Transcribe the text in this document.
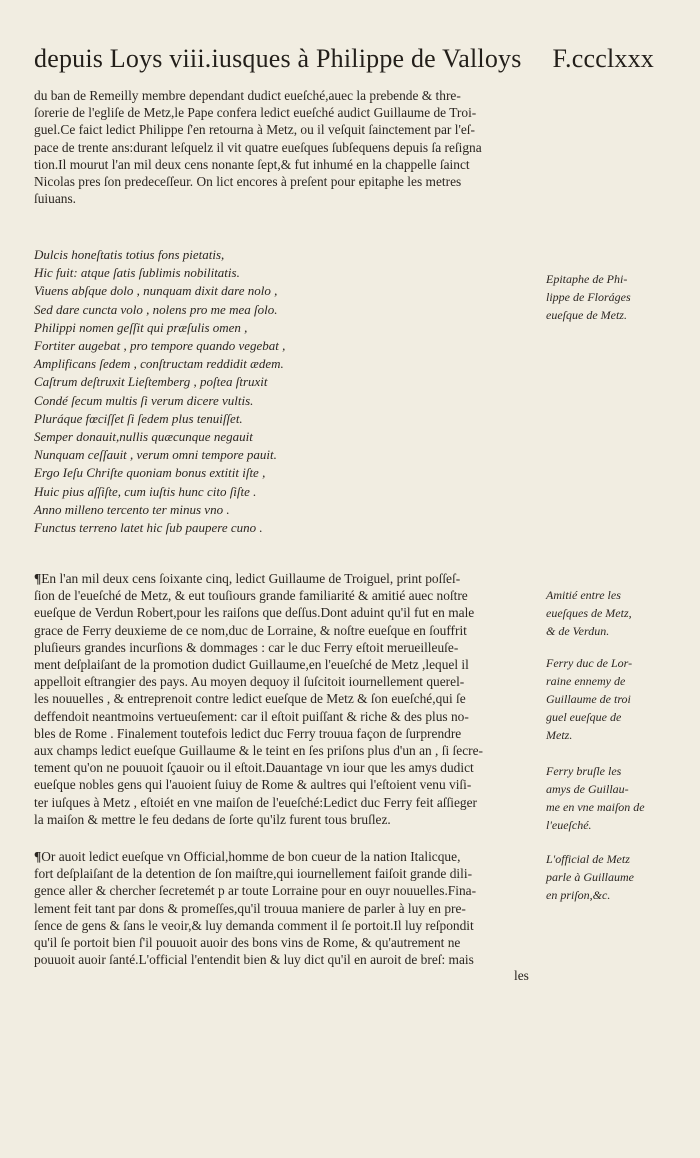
depuis Loys viii.iusques à Philippe de Valloys F.ccclxxx
du ban de Remeilly membre dependant dudict eueſché,auec la prebende & thre-
ſorerie de l'egliſe de Metz,le Pape confera ledict eueſché audict Guillaume de Troi-
guel.Ce faict ledict Philippe ſ'en retourna à Metz, ou il veſquit ſainctement par l'eſ-
pace de trente ans:durant leſquelz il vit quatre eueſques ſubſequens depuis ſa reſigna
tion.Il mourut l'an mil deux cens nonante ſept,& fut inhumé en la chappelle ſainct
Nicolas pres ſon predeceſſeur. On lict encores à preſent pour epitaphe les metres
ſuiuans.
Dulcis honeſtatis totius fons pietatis,
Hic fuit: atque ſatis ſublimis nobilitatis.
Viuens abſque dolo , nunquam dixit dare nolo ,
Sed dare cuncta volo , nolens pro me mea ſolo.
Philippi nomen geſſit qui præſulis omen ,
Fortiter augebat , pro tempore quando vegebat ,
Amplificans ſedem , conſtructam reddidit ædem.
Caſtrum deſtruxit Lieſtemberg , poſtea ſtruxit
Condé ſecum multis ſi verum dicere vultis.
Pluráque fœciſſet ſi ſedem plus tenuiſſet.
Semper donauit,nullis quæcunque negauit
Nunquam ceſſauit , verum omni tempore pauit.
Ergo Ieſu Chriſte quoniam bonus extitit iſte ,
Huic pius aſſiſte, cum iuſtis hunc cito ſiſte .
Anno milleno tercento ter minus vno .
Functus terreno latet hic ſub paupere cuno .
¶En l'an mil deux cens ſoixante cinq, ledict Guillaume de Troiguel, print poſſeſ-
ſion de l'eueſché de Metz, & eut touſiours grande familiarité & amitié auec noſtre
eueſque de Verdun Robert,pour les raiſons que deſſus.Dont aduint qu'il fut en male
grace de Ferry deuxieme de ce nom,duc de Lorraine, & noſtre eueſque en ſouffrit
pluſieurs grandes incurſions & dommages : car le duc Ferry eſtoit merueilleuſe-
ment deſplaiſant de la promotion dudict Guillaume,en l'eueſché de Metz ,lequel il
appelloit eſtrangier des pays. Au moyen dequoy il ſuſcitoit iournellement querel-
les nouuelles , & entreprenoit contre ledict eueſque de Metz & ſon eueſché,qui ſe
deffendoit neantmoins vertueuſement: car il eſtoit puiſſant & riche & des plus no-
bles de Rome . Finalement toutefois ledict duc Ferry trouua façon de ſurprendre
aux champs ledict eueſque Guillaume & le teint en ſes priſons plus d'un an , ſi ſecre-
tement qu'on ne pouuoit ſçauoir ou il eſtoit.Dauantage vn iour que les amys dudict
eueſque nobles gens qui l'auoient ſuiuy de Rome & aultres qui l'eſtoient venu viſi-
ter iuſques à Metz , eſtoiét en vne maiſon de l'eueſché:Ledict duc Ferry feit aſſieger
la maiſon & mettre le feu dedans de ſorte qu'ilz furent tous bruſlez.
¶Or auoit ledict eueſque vn Official,homme de bon cueur de la nation Italicque,
fort deſplaiſant de la detention de ſon maiſtre,qui iournellement faiſoit grande dili-
gence aller & chercher ſecretemét p ar toute Lorraine pour en ouyr nouuelles.Fina-
lement feit tant par dons & promeſſes,qu'il trouua maniere de parler à luy en pre-
ſence de gens & ſans le veoir,& luy demanda comment il ſe portoit.Il luy reſpondit
qu'il ſe portoit bien ſ'il pouuoit auoir des bons vins de Rome, & qu'autrement ne
pouuoit auoir ſanté.L'official l'entendit bien & luy dict qu'il en auroit de breſ: mais
les
Epitaphe de Phi-
lippe de Floráges
eueſque de Metz.
Amitié entre les
eueſques de Metz,
& de Verdun.
Ferry duc de Lor-
raine ennemy de
Guillaume de troi
guel eueſque de
Metz.
Ferry bruſle les
amys de Guillau-
me en vne maiſon de
l'eueſché.
L'official de Metz
parle à Guillaume
en priſon,&c.
